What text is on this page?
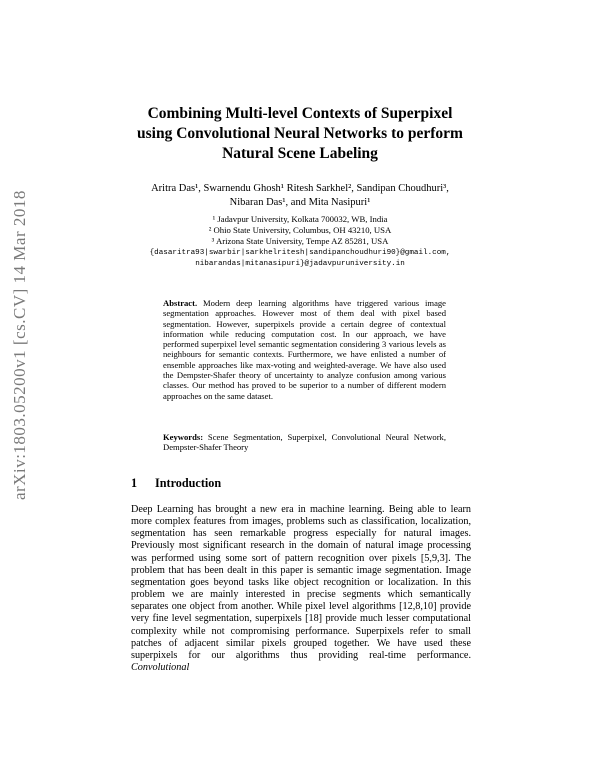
arXiv:1803.05200v1 [cs.CV] 14 Mar 2018
Combining Multi-level Contexts of Superpixel using Convolutional Neural Networks to perform Natural Scene Labeling
Aritra Das¹, Swarnendu Ghosh¹ Ritesh Sarkhel², Sandipan Choudhuri³, Nibaran Das¹, and Mita Nasipuri¹
¹ Jadavpur University, Kolkata 700032, WB, India
² Ohio State University, Columbus, OH 43210, USA
³ Arizona State University, Tempe AZ 85281, USA
{dasaritra93|swarbir|sarkhelritesh|sandipanchoudhuri90}@gmail.com,
nibarandas|mitanasipuri}@jadavpuruniversity.in
Abstract. Modern deep learning algorithms have triggered various image segmentation approaches. However most of them deal with pixel based segmentation. However, superpixels provide a certain degree of contextual information while reducing computation cost. In our approach, we have performed superpixel level semantic segmentation considering 3 various levels as neighbours for semantic contexts. Furthermore, we have enlisted a number of ensemble approaches like max-voting and weighted-average. We have also used the Dempster-Shafer theory of uncertainty to analyze confusion among various classes. Our method has proved to be superior to a number of different modern approaches on the same dataset.
Keywords: Scene Segmentation, Superpixel, Convolutional Neural Network, Dempster-Shafer Theory
1 Introduction
Deep Learning has brought a new era in machine learning. Being able to learn more complex features from images, problems such as classification, localization, segmentation has seen remarkable progress especially for natural images. Previously most significant research in the domain of natural image processing was performed using some sort of pattern recognition over pixels [5,9,3]. The problem that has been dealt in this paper is semantic image segmentation. Image segmentation goes beyond tasks like object recognition or localization. In this problem we are mainly interested in precise segments which semantically separates one object from another. While pixel level algorithms [12,8,10] provide very fine level segmentation, superpixels [18] provide much lesser computational complexity while not compromising performance. Superpixels refer to small patches of adjacent similar pixels grouped together. We have used these superpixels for our algorithms thus providing real-time performance. Convolutional
